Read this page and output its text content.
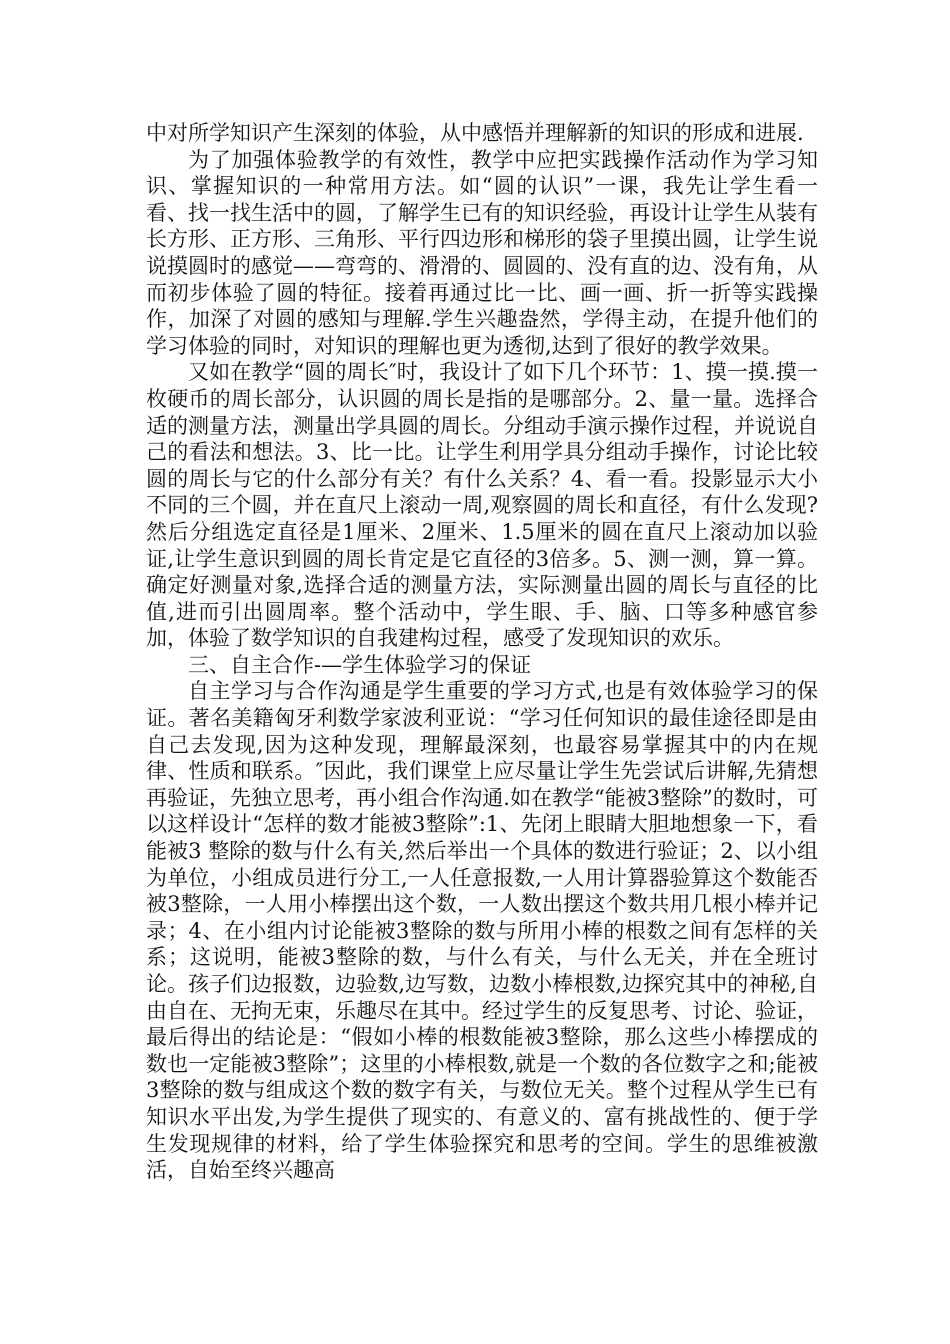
中对所学知识产生深刻的体验，从中感悟并理解新的知识的形成和进展.

为了加强体验教学的有效性，教学中应把实践操作活动作为学习知识、掌握知识的一种常用方法。如“圆的认识”一课，我先让学生看一看、找一找生活中的圆，了解学生已有的知识经验，再设计让学生从装有长方形、正方形、三角形、平行四边形和梯形的袋子里摸出圆，让学生说说摸圆时的感觉——弯弯的、滑滑的、圆圆的、没有直的边、没有角，从而初步体验了圆的特征。接着再通过比一比、画一画、折一折等实践操作，加深了对圆的感知与理解.学生兴趣盎然，学得主动，在提升他们的学习体验的同时，对知识的理解也更为透彻,达到了很好的教学效果。

又如在教学“圆的周长″时，我设计了如下几个环节：1、摸一摸.摸一枚硬币的周长部分，认识圆的周长是指的是哪部分。2、量一量。选择合适的测量方法，测量出学具圆的周长。分组动手演示操作过程，并说说自己的看法和想法。3、比一比。让学生利用学具分组动手操作，讨论比较圆的周长与它的什么部分有关？有什么关系？4、看一看。投影显示大小不同的三个圆，并在直尺上滚动一周,观察圆的周长和直径，有什么发现?然后分组选定直径是1厘米、2厘米、1.5厘米的圆在直尺上滚动加以验证,让学生意识到圆的周长肯定是它直径的3倍多。5、测一测，算一算。确定好测量对象,选择合适的测量方法，实际测量出圆的周长与直径的比值,进而引出圆周率。整个活动中，学生眼、手、脑、口等多种感官参加，体验了数学知识的自我建构过程，感受了发现知识的欢乐。

三、自主合作-—学生体验学习的保证

自主学习与合作沟通是学生重要的学习方式,也是有效体验学习的保证。著名美籍匈牙利数学家波利亚说：“学习任何知识的最佳途径即是由自己去发现,因为这种发现，理解最深刻，也最容易掌握其中的内在规律、性质和联系。″因此，我们课堂上应尽量让学生先尝试后讲解,先猜想再验证，先独立思考，再小组合作沟通.如在教学“能被3整除”的数时，可以这样设计“怎样的数才能被3整除”:1、先闭上眼睛大胆地想象一下，看能被3 整除的数与什么有关,然后举出一个具体的数进行验证；2、以小组为单位，小组成员进行分工,一人任意报数,一人用计算器验算这个数能否被3整除，一人用小棒摆出这个数，一人数出摆这个数共用几根小棒并记录；4、在小组内讨论能被3整除的数与所用小棒的根数之间有怎样的关系；这说明，能被3整除的数，与什么有关，与什么无关，并在全班讨论。孩子们边报数，边验数,边写数，边数小棒根数,边探究其中的神秘,自由自在、无拘无束，乐趣尽在其中。经过学生的反复思考、讨论、验证，最后得出的结论是：“假如小棒的根数能被3整除，那么这些小棒摆成的数也一定能被3整除”；这里的小棒根数,就是一个数的各位数字之和;能被3整除的数与组成这个数的数字有关，与数位无关。整个过程从学生已有知识水平出发,为学生提供了现实的、有意义的、富有挑战性的、便于学生发现规律的材料，给了学生体验探究和思考的空间。学生的思维被激活，自始至终兴趣高
